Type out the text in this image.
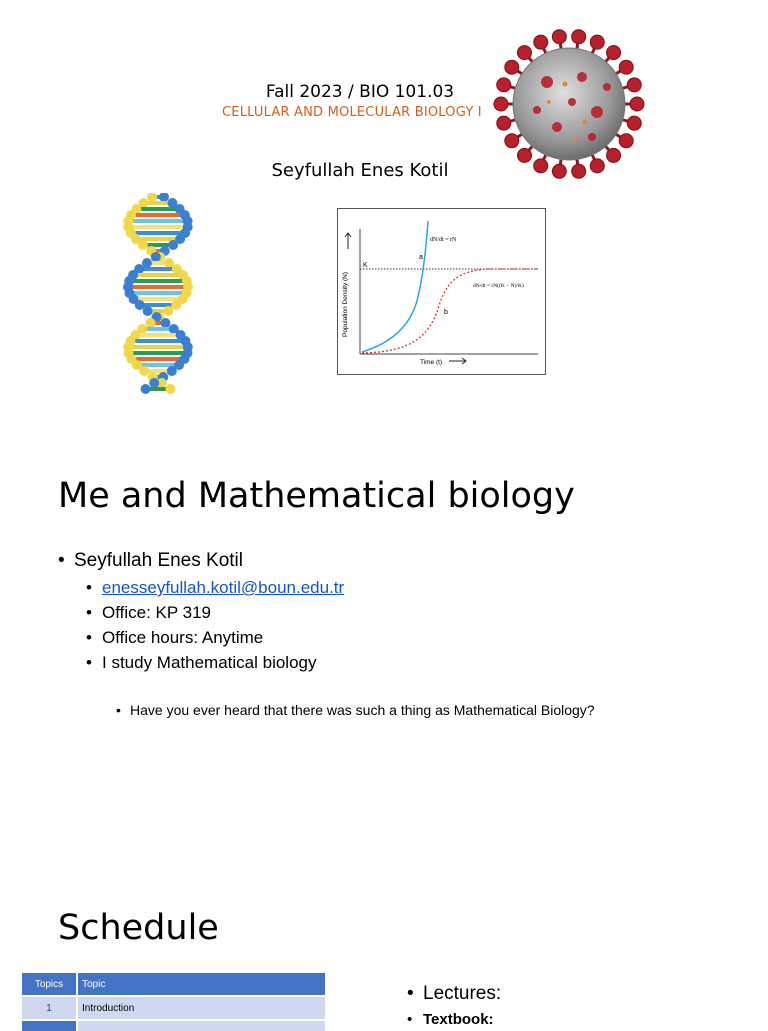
Fall 2023 / BIO 101.03
CELLULAR AND MOLECULAR BIOLOGY I
Seyfullah Enes Kotil
Population Density (N)
Time (t)
K
a
b
dN/dt = rN
dN/dt = rN((K − N)/K)
Me and Mathematical biology
• Seyfullah Enes Kotil
• enesseyfullah.kotil@boun.edu.tr
• Office: KP 319
• Office hours: Anytime
• I study Mathematical biology
• Have you ever heard that there was such a thing as Mathematical Biology?
Schedule
Topics	Topic
1	Introduction

• Lectures:
• Textbook:
